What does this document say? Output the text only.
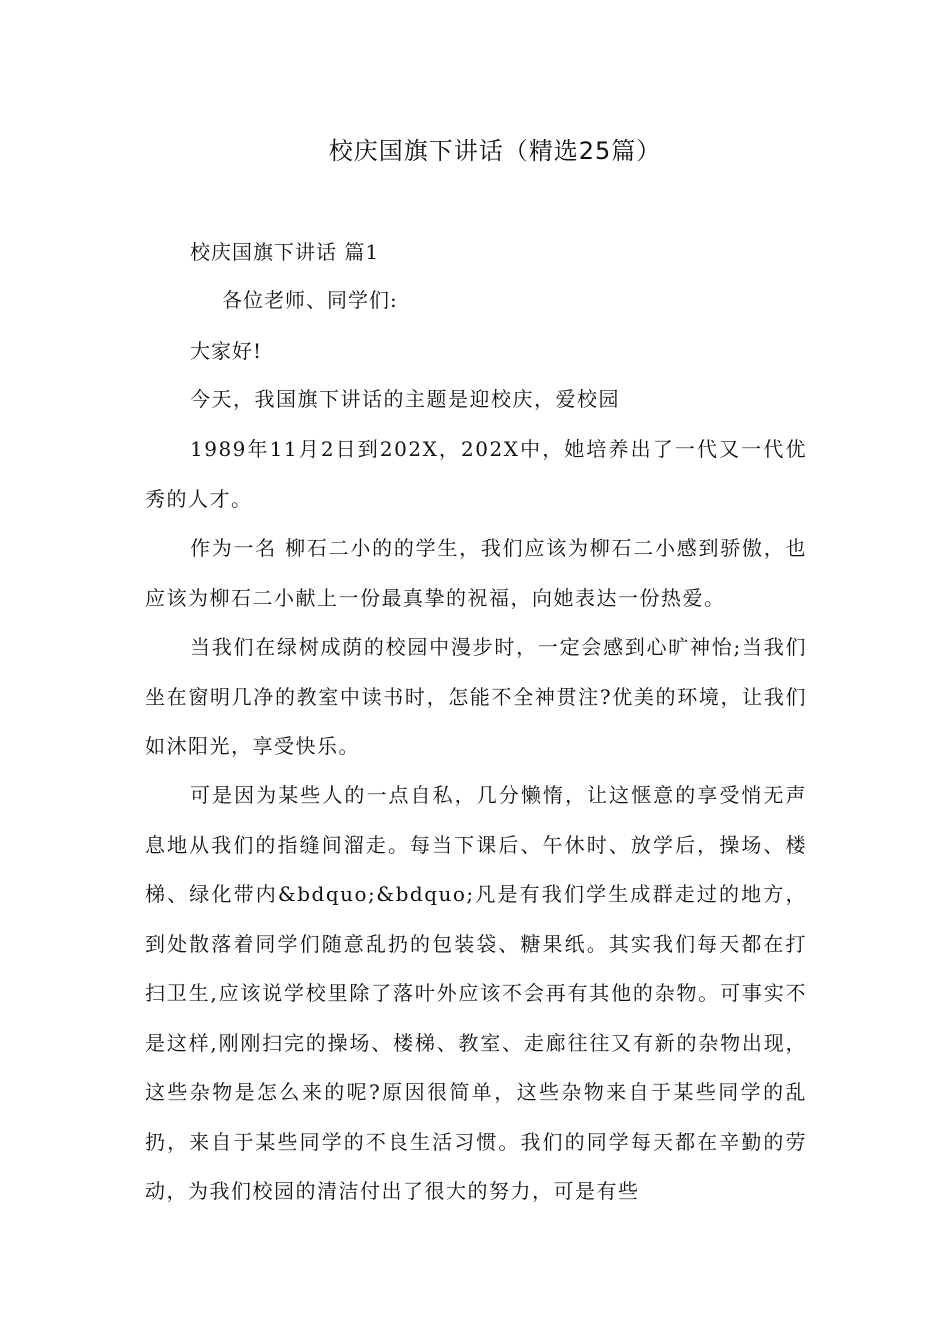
校庆国旗下讲话（精选25篇）

校庆国旗下讲话 篇1

各位老师、同学们:

大家好!

今天，我国旗下讲话的主题是迎校庆，爱校园

1989年11月2日到202X，202X中，她培养出了一代又一代优秀的人才。

作为一名 柳石二小的的学生，我们应该为柳石二小感到骄傲，也应该为柳石二小献上一份最真挚的祝福，向她表达一份热爱。

当我们在绿树成荫的校园中漫步时，一定会感到心旷神怡;当我们坐在窗明几净的教室中读书时，怎能不全神贯注?优美的环境，让我们如沐阳光，享受快乐。

可是因为某些人的一点自私，几分懒惰，让这惬意的享受悄无声息地从我们的指缝间溜走。每当下课后、午休时、放学后，操场、楼梯、绿化带内&bdquo;&bdquo;凡是有我们学生成群走过的地方，到处散落着同学们随意乱扔的包装袋、糖果纸。其实我们每天都在打扫卫生,应该说学校里除了落叶外应该不会再有其他的杂物。可事实不是这样,刚刚扫完的操场、楼梯、教室、走廊往往又有新的杂物出现，这些杂物是怎么来的呢?原因很简单，这些杂物来自于某些同学的乱扔，来自于某些同学的不良生活习惯。我们的同学每天都在辛勤的劳动，为我们校园的清洁付出了很大的努力，可是有些
